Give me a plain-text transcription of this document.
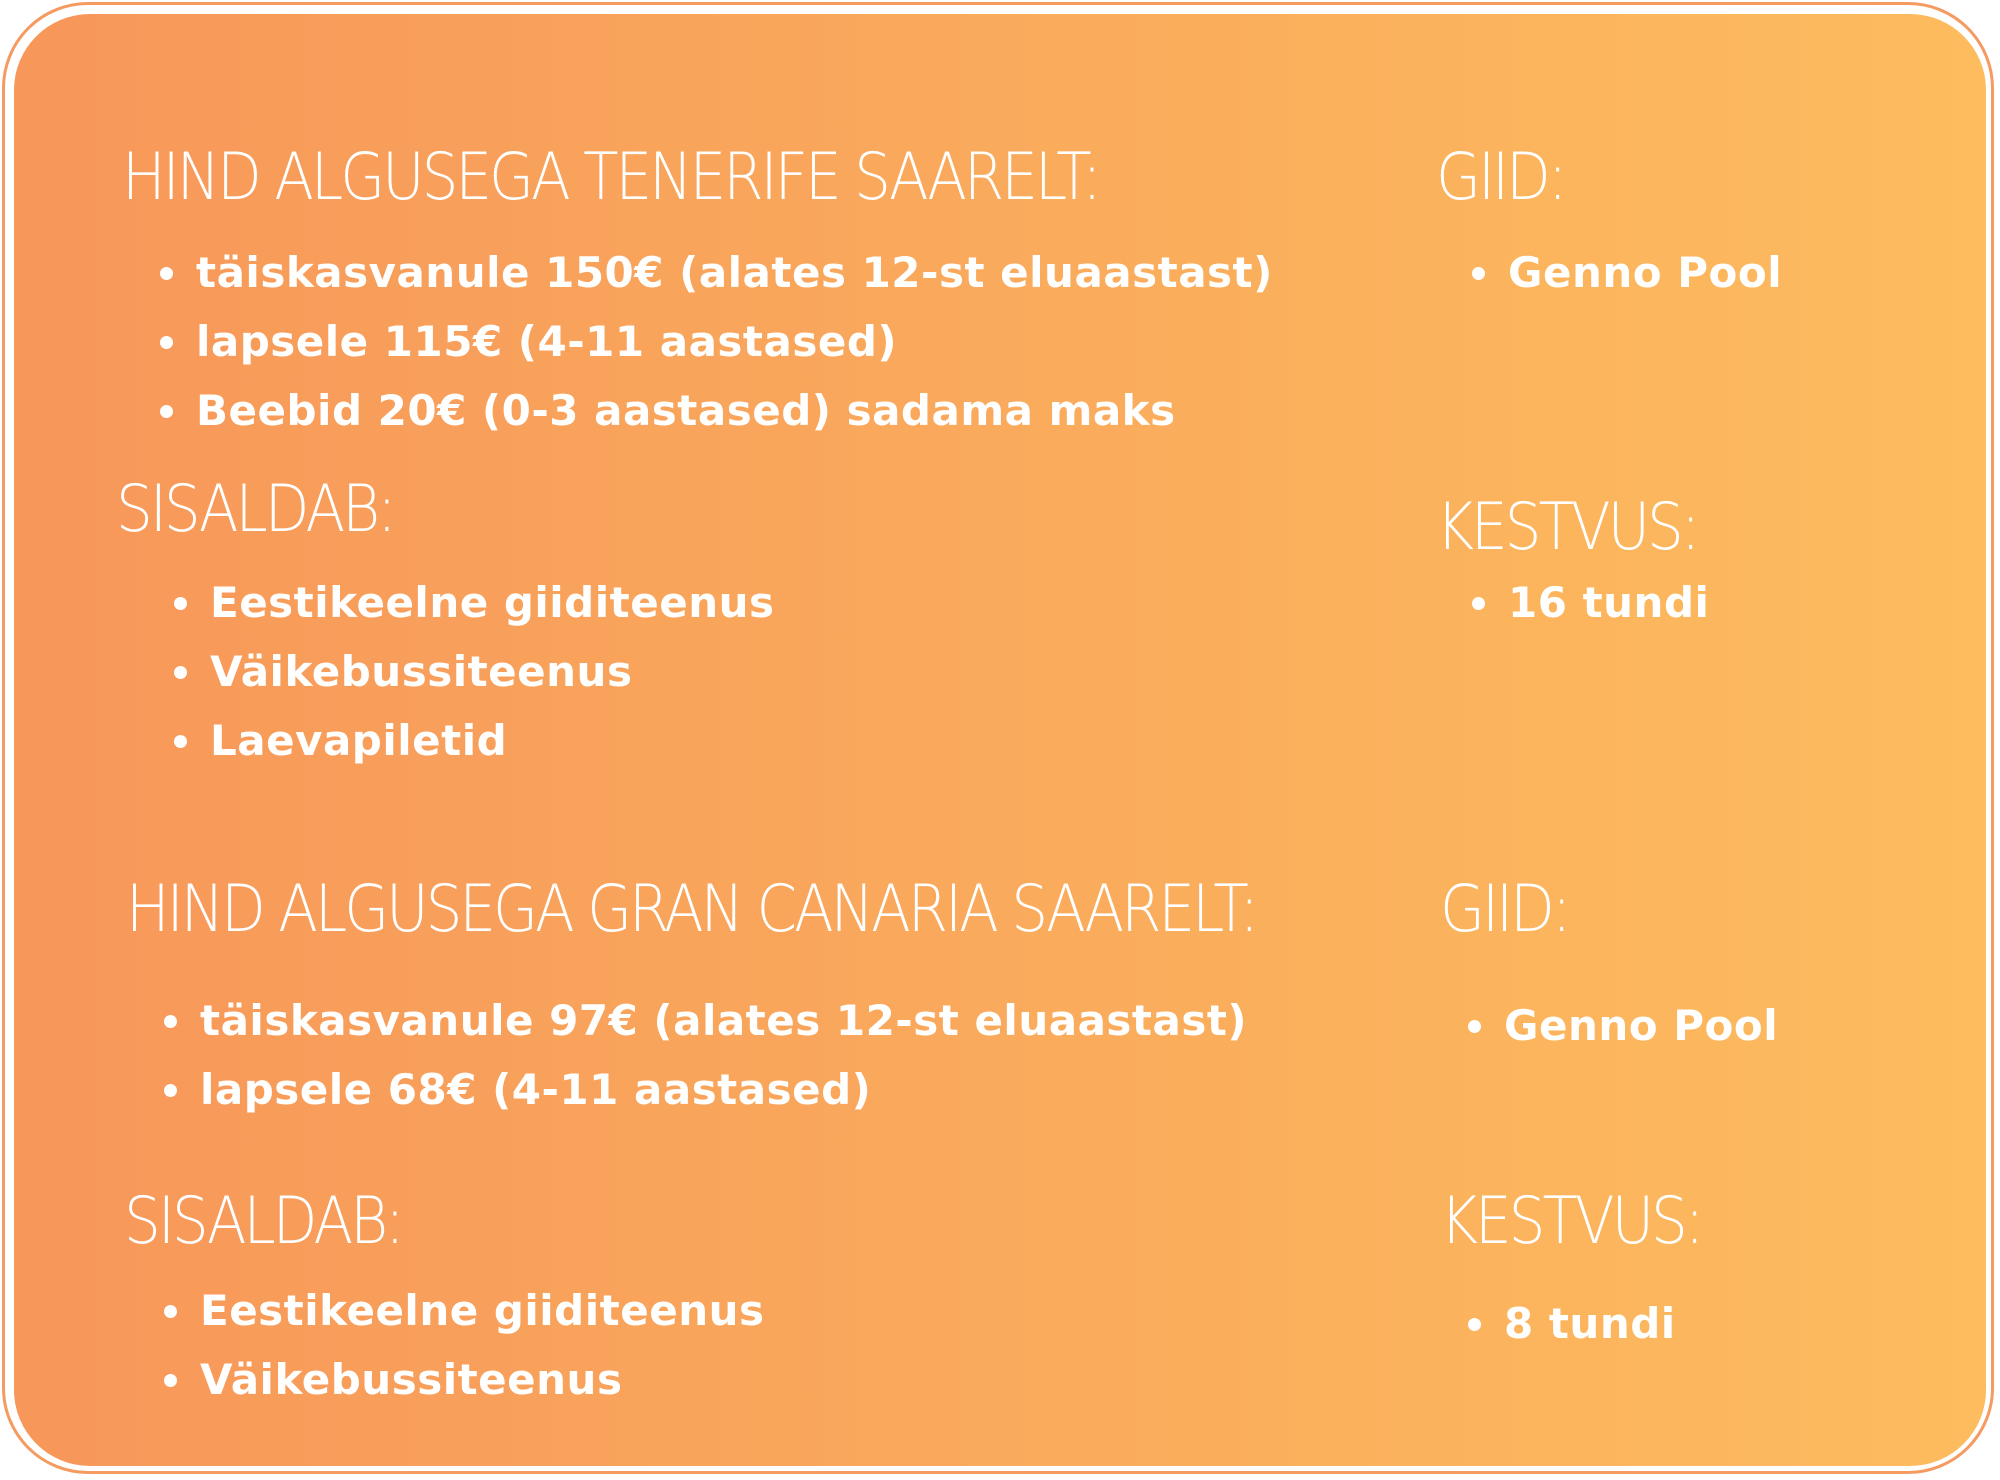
HIND ALGUSEGA TENERIFE SAARELT:
täiskasvanule 150€ (alates 12-st eluaastast)
lapsele 115€ (4-11 aastased)
Beebid 20€ (0-3 aastased) sadama maks
SISALDAB:
Eestikeelne giiditeenus
Väikebussiteenus
Laevapiletid
GIID:
Genno Pool
KESTVUS:
16 tundi
HIND ALGUSEGA GRAN CANARIA SAARELT:
täiskasvanule 97€ (alates 12-st eluaastast)
lapsele 68€ (4-11 aastased)
SISALDAB:
Eestikeelne giiditeenus
Väikebussiteenus
GIID:
Genno Pool
KESTVUS:
8 tundi
